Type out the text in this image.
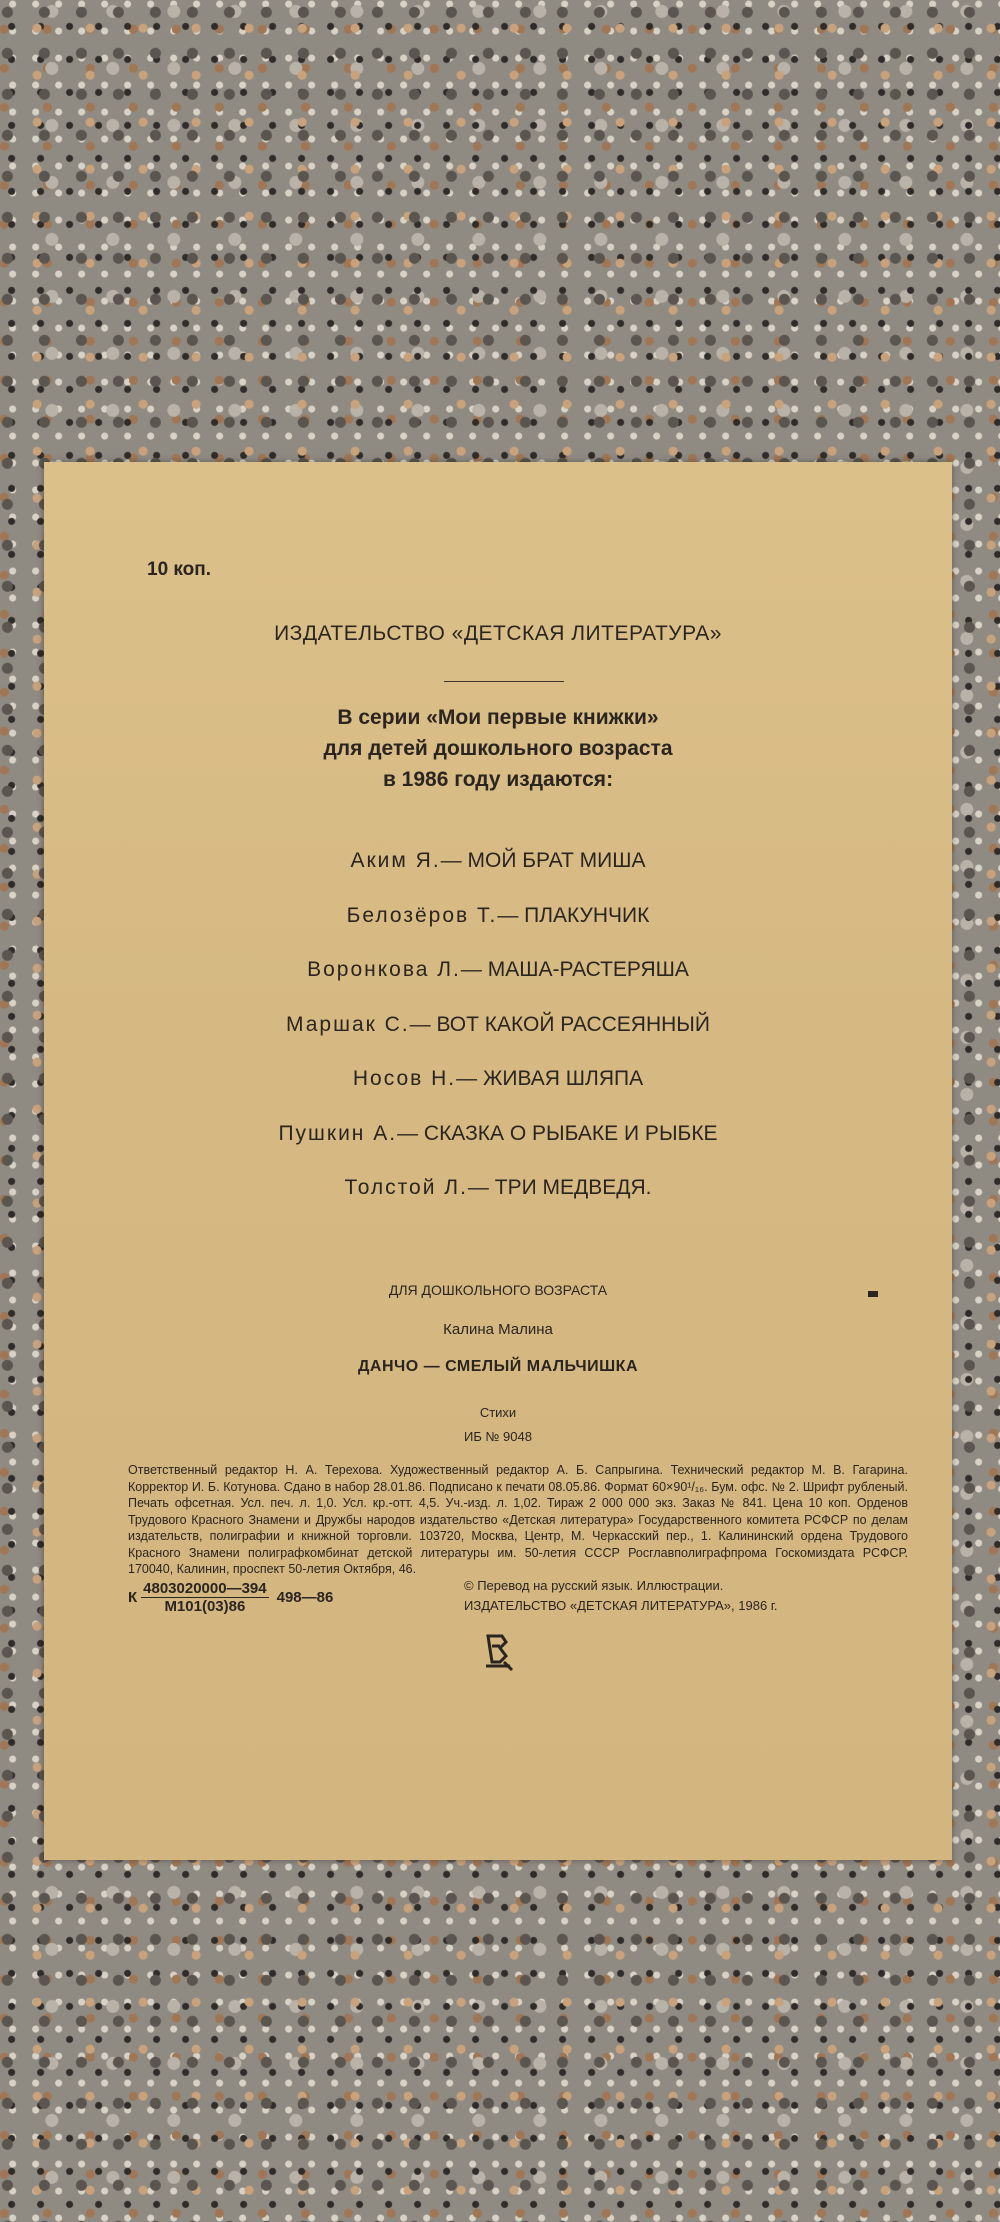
10 коп.
ИЗДАТЕЛЬСТВО «ДЕТСКАЯ ЛИТЕРАТУРА»
В серии «Мои первые книжки»
для детей дошкольного возраста
в 1986 году издаются:
Аким Я.— МОЙ БРАТ МИША
Белозёров Т.— ПЛАКУНЧИК
Воронкова Л.— МАША-РАСТЕРЯША
Маршак С.— ВОТ КАКОЙ РАССЕЯННЫЙ
Носов Н.— ЖИВАЯ ШЛЯПА
Пушкин А.— СКАЗКА О РЫБАКЕ И РЫБКЕ
Толстой Л.— ТРИ МЕДВЕДЯ.
ДЛЯ ДОШКОЛЬНОГО ВОЗРАСТА
Калина Малина
ДАНЧО — СМЕЛЫЙ МАЛЬЧИШКА
Стихи
ИБ № 9048
Ответственный редактор Н. А. Терехова. Художественный редактор А. Б. Сапрыгина. Технический редактор М. В. Гагарина. Корректор И. Б. Котунова. Сдано в набор 28.01.86. Подписано к печати 08.05.86. Формат 60×90¹/₁₆. Бум. офс. № 2. Шрифт рубленый. Печать офсетная. Усл. печ. л. 1,0. Усл. кр.-отт. 4,5. Уч.-изд. л. 1,02. Тираж 2 000 000 экз. Заказ № 841. Цена 10 коп. Орденов Трудового Красного Знамени и Дружбы народов издательство «Детская литература» Государственного комитета РСФСР по делам издательств, полиграфии и книжной торговли. 103720, Москва, Центр, М. Черкасский пер., 1. Калининский ордена Трудового Красного Знамени полиграфкомбинат детской литературы им. 50-летия СССР Росглавполиграфпрома Госкомиздата РСФСР. 170040, Калинин, проспект 50-летия Октября, 46.
К $\frac{4803020000—394}{М101(03)86}$ 498—86
© Перевод на русский язык. Иллюстрации.
ИЗДАТЕЛЬСТВО «ДЕТСКАЯ ЛИТЕРАТУРА», 1986 г.
